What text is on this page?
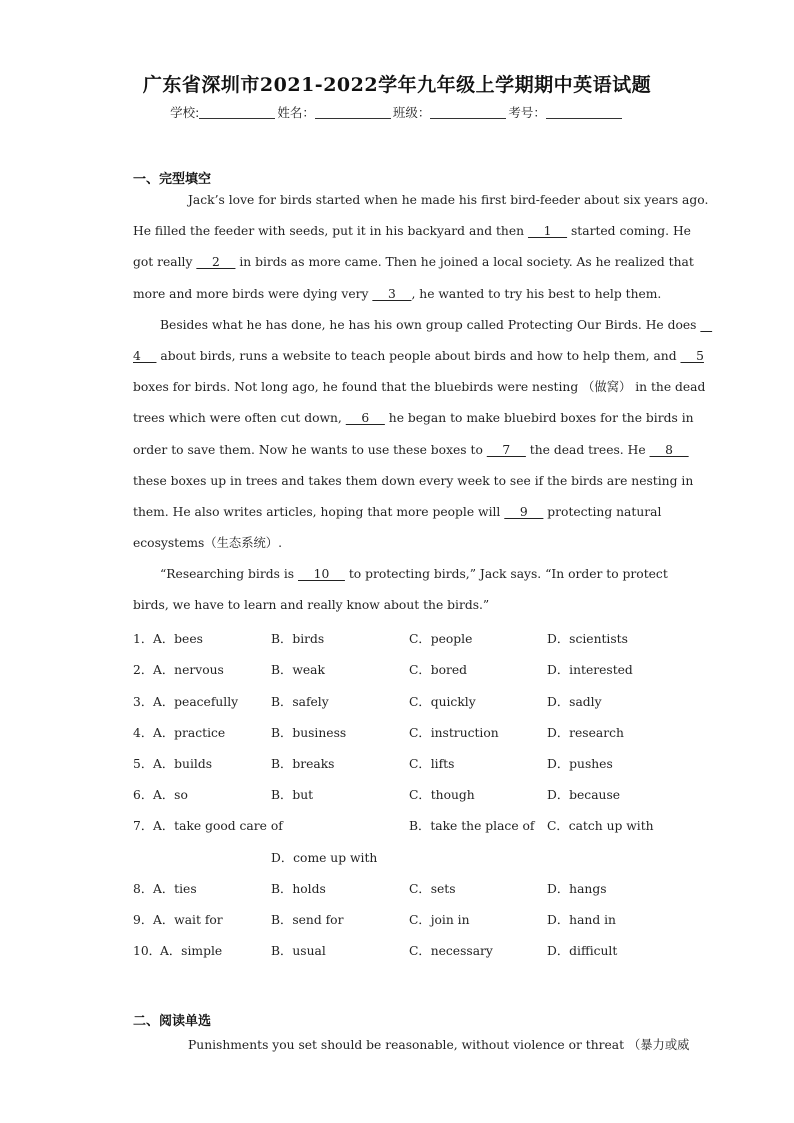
广东省深圳市2021-2022学年九年级上学期期中英语试题
学校:	姓名：	班级：	考号：
一、完型填空
Jack’s love for birds started when he made his first bird-feeder about six years ago.
He filled the feeder with seeds, put it in his backyard and then     1     started coming. He
got really     2     in birds as more came. Then he joined a local society. As he realized that
more and more birds were dying very     3    , he wanted to try his best to help them.
Besides what he has done, he has his own group called Protecting Our Birds. He does
4     about birds, runs a website to teach people about birds and how to help them, and     5
boxes for birds. Not long ago, he found that the bluebirds were nesting （做窝） in the dead
trees which were often cut down,     6     he began to make bluebird boxes for the birds in
order to save them. Now he wants to use these boxes to     7     the dead trees. He     8
these boxes up in trees and takes them down every week to see if the birds are nesting in
them. He also writes articles, hoping that more people will     9     protecting natural
ecosystems（生态系统）.
“Researching birds is     10     to protecting birds,” Jack says. “In order to protect
birds, we have to learn and really know about the birds.”
1． A．bees	B．birds	C．people	D．scientists
2． A．nervous	B．weak	C．bored	D．interested
3． A．peacefully	B．safely	C．quickly	D．sadly
4． A．practice	B．business	C．instruction	D．research
5． A．builds	B．breaks	C．lifts	D．pushes
6． A．so	B．but	C．though	D．because
7． A．take good care of	B．take the place of C．catch up with
D．come up with
8． A．ties	B．holds	C．sets	D．hangs
9． A．wait for	B．send for	C．join in	D．hand in
10． A．simple	B．usual	C．necessary	D．difficult
二、阅读单选
Punishments you set should be reasonable, without violence or threat （暴力或威
